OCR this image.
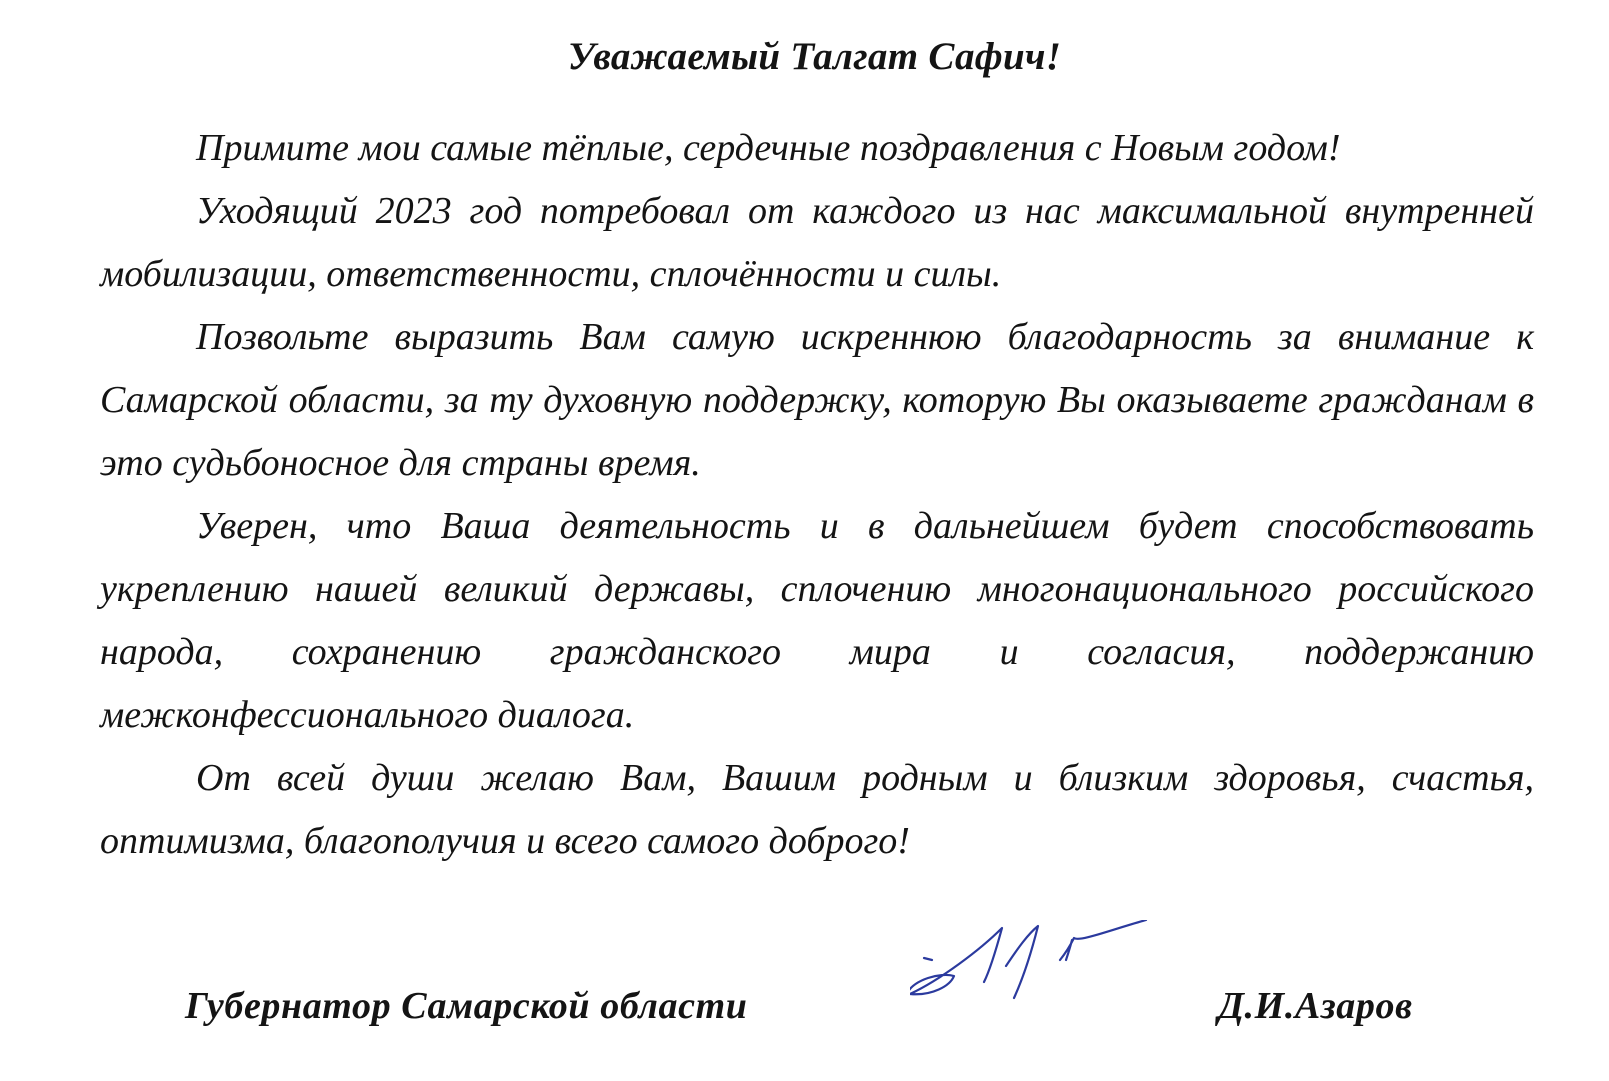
Уважаемый Талгат Сафич!

Примите мои самые тёплые, сердечные поздравления с Новым годом!

Уходящий 2023 год потребовал от каждого из нас максимальной внутренней мобилизации, ответственности, сплочённости и силы.

Позвольте выразить Вам самую искреннюю благодарность за внимание к Самарской области, за ту духовную поддержку, которую Вы оказываете гражданам в это судьбоносное для страны время.

Уверен, что Ваша деятельность и в дальнейшем будет способствовать укреплению нашей великий державы, сплочению многонационального российского народа, сохранению гражданского мира и согласия, поддержанию межконфессионального диалога.

От всей души желаю Вам, Вашим родным и близким здоровья, счастья, оптимизма, благополучия и всего самого доброго!

Губернатор Самарской области	Д.И.Азаров
